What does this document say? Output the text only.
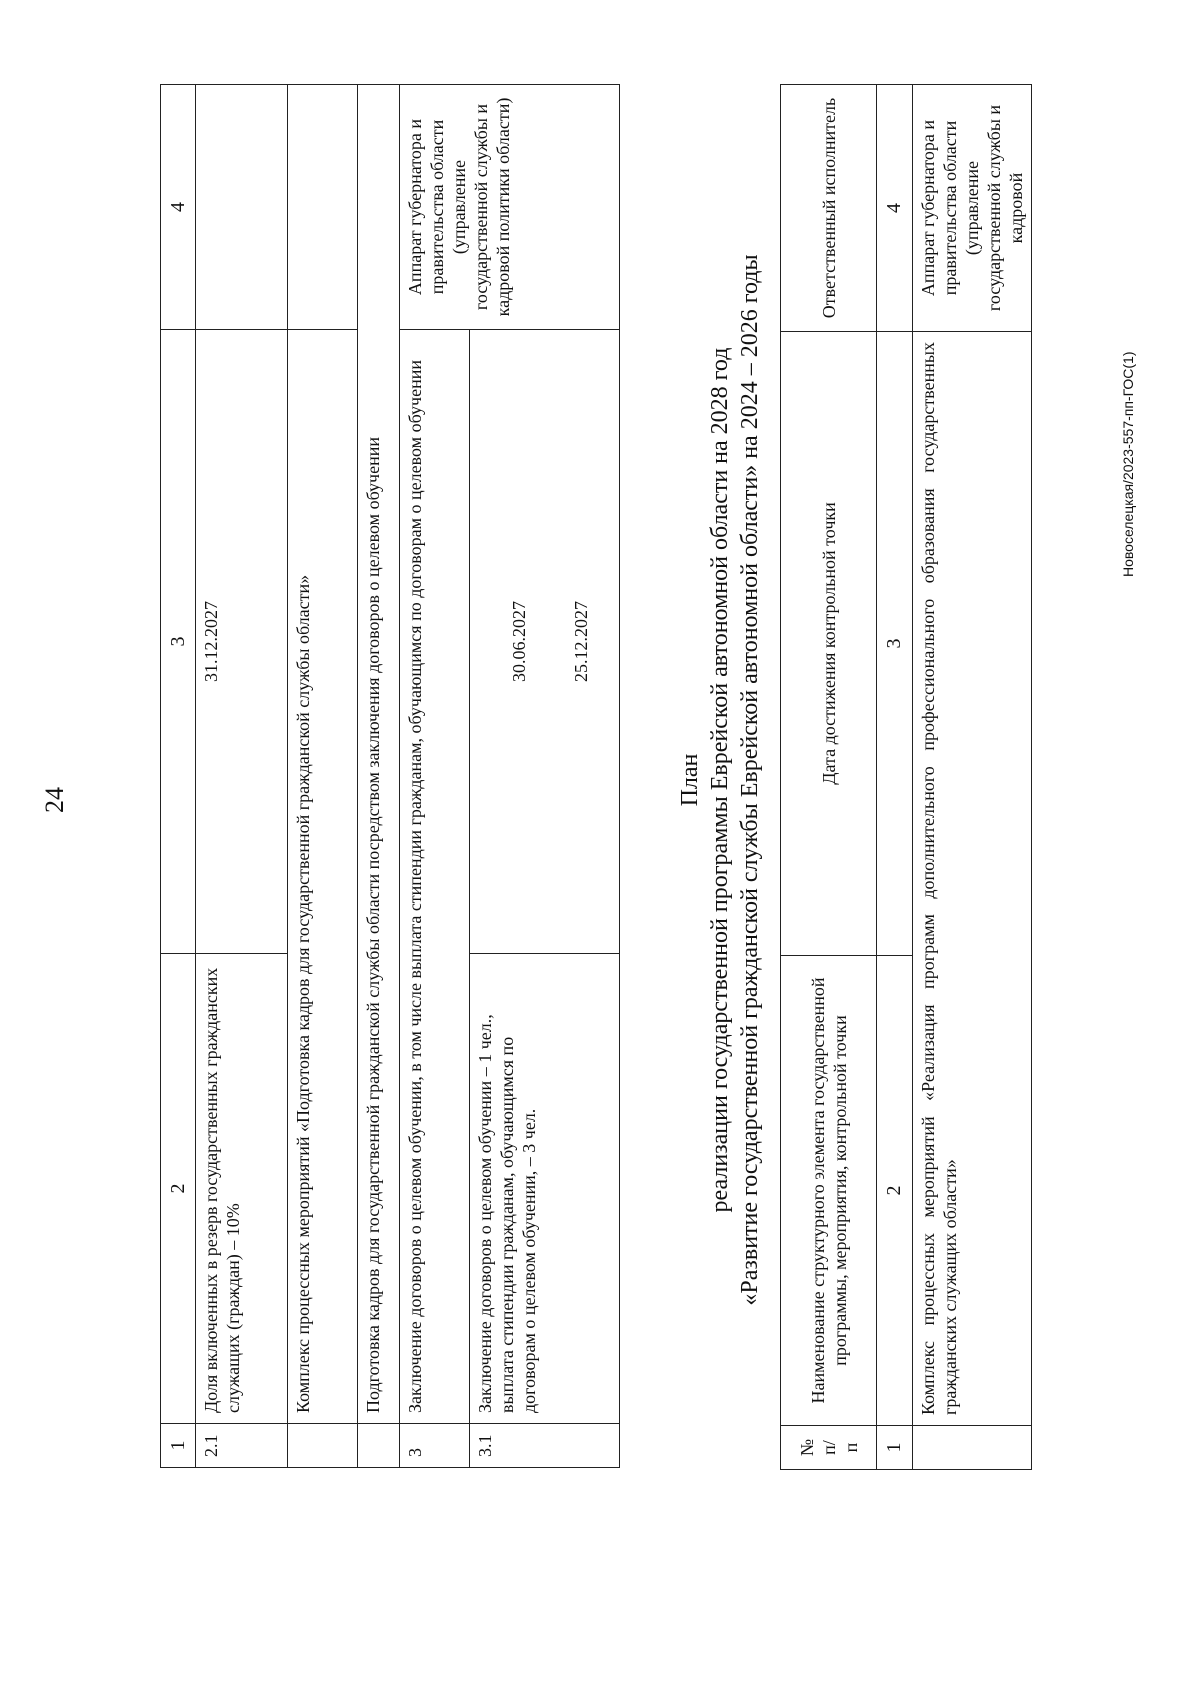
24
Новоселецкая/2023-557-пп-ГОС(1)
1	2	3	4
2.1	Доля включенных в резерв государственных гражданских служащих (граждан) – 10%	31.12.2027	
	Комплекс процессных мероприятий «Подготовка кадров для государственной гражданской службы области»		
	Подготовка кадров для государственной гражданской службы области посредством заключения договоров о целевом обучении		
3	Заключение договоров о целевом обучении, в том числе выплата стипендии гражданам, обучающимся по договорам о целевом обучении		Аппарат губернатора и правительства области (управление государственной службы и кадровой политики области)
3.1	Заключение договоров о целевом обучении – 1 чел., выплата стипендии гражданам, обучающимся по договорам о целевом обучении, – 3 чел.	30.06.2027 25.12.2027	
План реализации государственной программы Еврейской автономной области на 2028 год «Развитие государственной гражданской службы Еврейской автономной области» на 2024 – 2026 годы
№ п/п	Наименование структурного элемента государственной программы, мероприятия, контрольной точки	Дата достижения контрольной точки	Ответственный исполнитель
1	2	3	4
	Комплекс процессных мероприятий «Реализация программ дополнительного профессионального образования государственных гражданских служащих области»		Аппарат губернатора и правительства области (управление государственной службы и кадровой
